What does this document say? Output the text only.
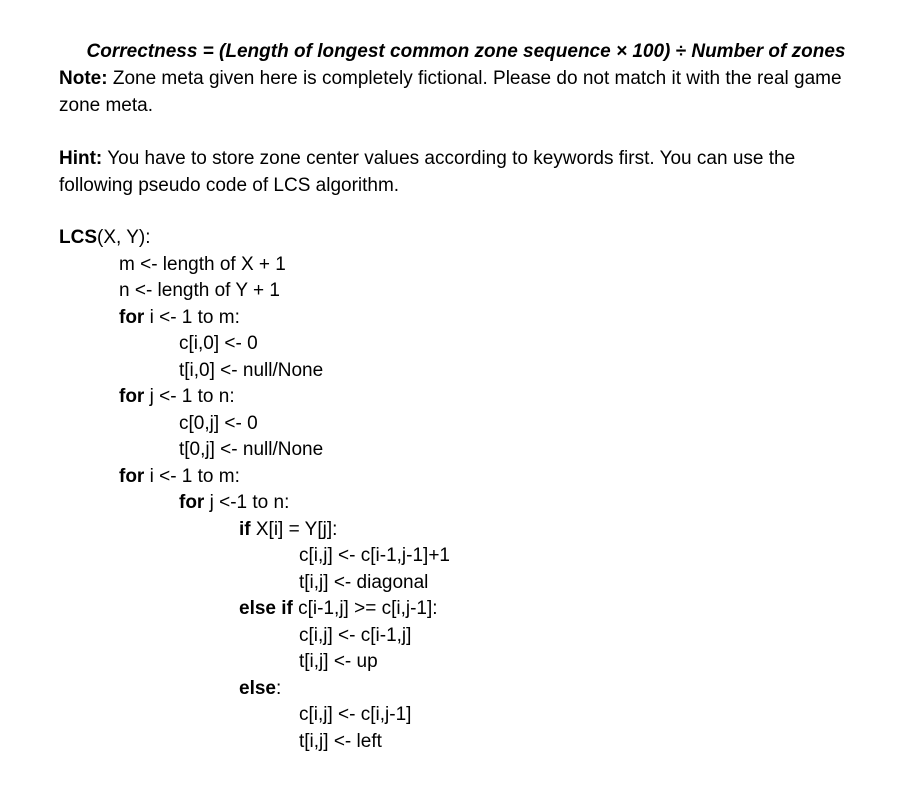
Correctness = (Length of longest common zone sequence × 100) ÷ Number of zones

Note: Zone meta given here is completely fictional. Please do not match it with the real game zone meta.

Hint: You have to store zone center values according to keywords first. You can use the following pseudo code of LCS algorithm.

LCS(X, Y):
m <- length of X + 1
n <- length of Y + 1
for i <- 1 to m:
c[i,0] <- 0
t[i,0] <- null/None
for j <- 1 to n:
c[0,j] <- 0
t[0,j] <- null/None
for i <- 1 to m:
for j <-1 to n:
if X[i] = Y[j]:
c[i,j] <- c[i-1,j-1]+1
t[i,j] <- diagonal
else if c[i-1,j] >= c[i,j-1]:
c[i,j] <- c[i-1,j]
t[i,j] <- up
else:
c[i,j] <- c[i,j-1]
t[i,j] <- left
